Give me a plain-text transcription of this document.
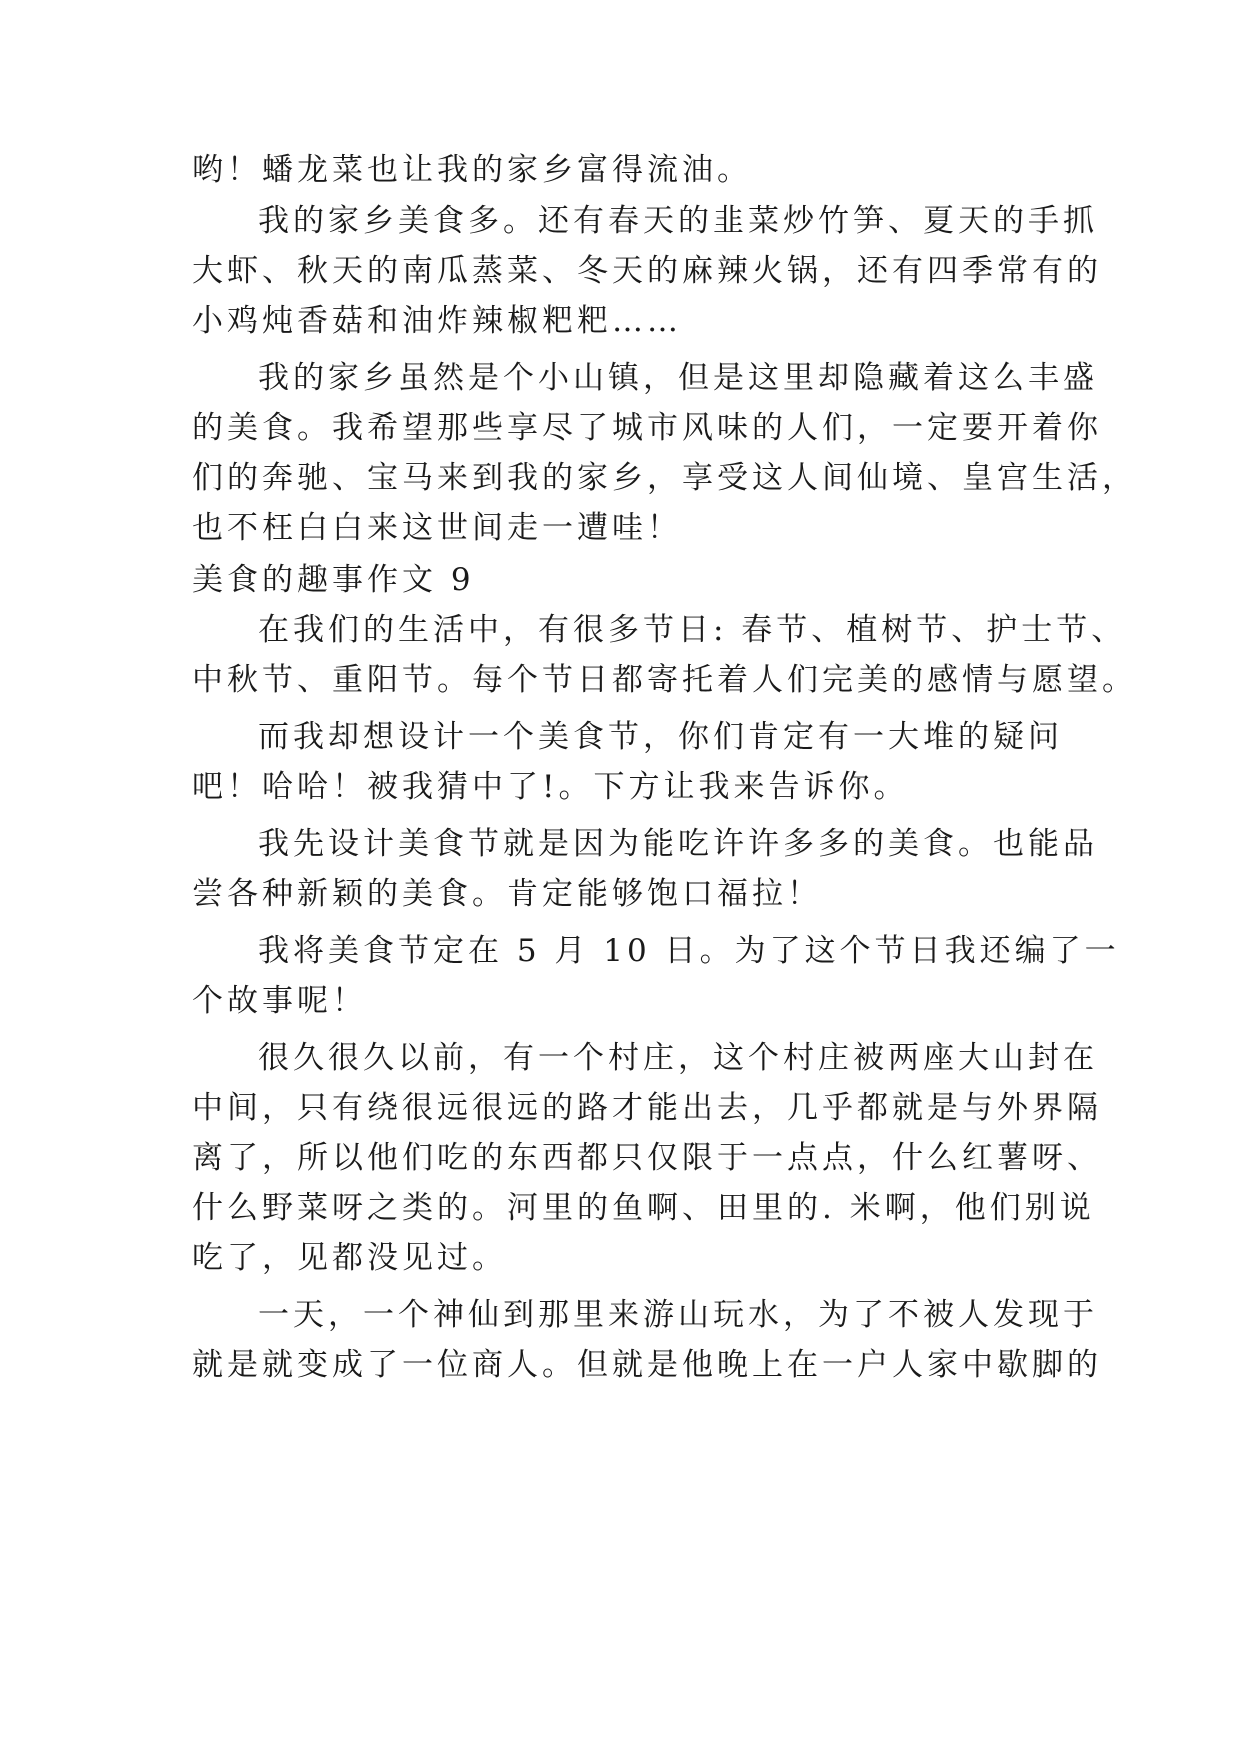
哟！蟠龙菜也让我的家乡富得流油。
我的家乡美食多。还有春天的韭菜炒竹笋、夏天的手抓
大虾、秋天的南瓜蒸菜、冬天的麻辣火锅，还有四季常有的
小鸡炖香菇和油炸辣椒粑粑……
我的家乡虽然是个小山镇，但是这里却隐藏着这么丰盛
的美食。我希望那些享尽了城市风味的人们，一定要开着你
们的奔驰、宝马来到我的家乡，享受这人间仙境、皇宫生活，
也不枉白白来这世间走一遭哇！
美食的趣事作文 9
在我们的生活中，有很多节日: 春节、植树节、护士节、
中秋节、重阳节。每个节日都寄托着人们完美的感情与愿望。
而我却想设计一个美食节，你们肯定有一大堆的疑问
吧！哈哈！被我猜中了!。下方让我来告诉你。
我先设计美食节就是因为能吃许许多多的美食。也能品
尝各种新颖的美食。肯定能够饱口福拉！
我将美食节定在 5 月 10 日。为了这个节日我还编了一
个故事呢！
很久很久以前，有一个村庄，这个村庄被两座大山封在
中间，只有绕很远很远的路才能出去，几乎都就是与外界隔
离了，所以他们吃的东西都只仅限于一点点，什么红薯呀、
什么野菜呀之类的。河里的鱼啊、田里的. 米啊，他们别说
吃了，见都没见过。
一天，一个神仙到那里来游山玩水，为了不被人发现于
就是就变成了一位商人。但就是他晚上在一户人家中歇脚的
